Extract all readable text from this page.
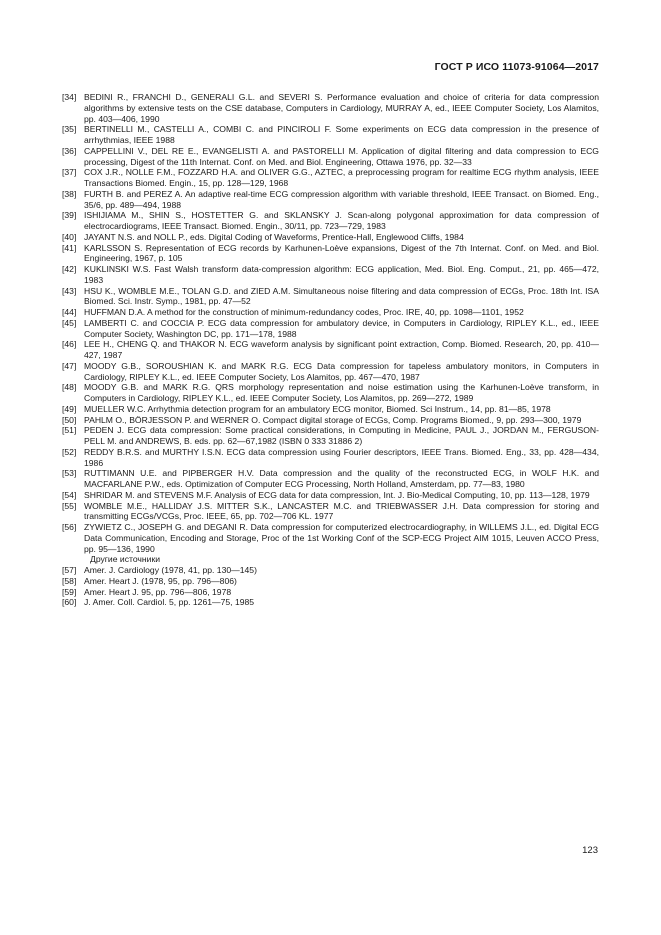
ГОСТ Р ИСО 11073-91064—2017
[34] BEDINI R., FRANCHI D., GENERALI G.L. and SEVERI S. Performance evaluation and choice of criteria for data compression algorithms by extensive tests on the CSE database, Computers in Cardiology, MURRAY A, ed., IEEE Computer Society, Los Alamitos, pp. 403—406, 1990
[35] BERTINELLI M., CASTELLI A., COMBI C. and PINCIROLI F. Some experiments on ECG data compression in the presence of arrhythmias, IEEE 1988
[36] CAPPELLINI V., DEL RE E., EVANGELISTI A. and PASTORELLI M. Application of digital filtering and data compression to ECG processing, Digest of the 11th Internat. Conf. on Med. and Biol. Engineering, Ottawa 1976, pp. 32—33
[37] COX J.R., NOLLE F.M., FOZZARD H.A. and OLIVER G.G., AZTEC, a preprocessing program for realtime ECG rhythm analysis, IEEE Transactions Biomed. Engin., 15, pp. 128—129, 1968
[38] FURTH B. and PEREZ A. An adaptive real-time ECG compression algorithm with variable threshold, IEEE Transact. on Biomed. Eng., 35/6, pp. 489—494, 1988
[39] ISHIJIAMA M., SHIN S., HOSTETTER G. and SKLANSKY J. Scan-along polygonal approximation for data compression of electrocardiograms, IEEE Transact. Biomed. Engin., 30/11, pp. 723—729, 1983
[40] JAYANT N.S. and NOLL P., eds. Digital Coding of Waveforms, Prentice-Hall, Englewood Cliffs, 1984
[41] KARLSSON S. Representation of ECG records by Karhunen-Loève expansions, Digest of the 7th Internat. Conf. on Med. and Biol. Engineering, 1967, p. 105
[42] KUKLINSKI W.S. Fast Walsh transform data-compression algorithm: ECG application, Med. Biol. Eng. Comput., 21, pp. 465—472, 1983
[43] HSU K., WOMBLE M.E., TOLAN G.D. and ZIED A.M. Simultaneous noise filtering and data compression of ECGs, Proc. 18th Int. ISA Biomed. Sci. Instr. Symp., 1981, pp. 47—52
[44] HUFFMAN D.A. A method for the construction of minimum-redundancy codes, Proc. IRE, 40, pp. 1098—1101, 1952
[45] LAMBERTI C. and COCCIA P. ECG data compression for ambulatory device, in Computers in Cardiology, RIPLEY K.L., ed., IEEE Computer Society, Washington DC, pp. 171—178, 1988
[46] LEE H., CHENG Q. and THAKOR N. ECG waveform analysis by significant point extraction, Comp. Biomed. Research, 20, pp. 410—427, 1987
[47] MOODY G.B., SOROUSHIAN K. and MARK R.G. ECG Data compression for tapeless ambulatory monitors, in Computers in Cardiology, RIPLEY K.L., ed. IEEE Computer Society, Los Alamitos, pp. 467—470, 1987
[48] MOODY G.B. and MARK R.G. QRS morphology representation and noise estimation using the Karhunen-Loève transform, in Computers in Cardiology, RIPLEY K.L., ed. IEEE Computer Society, Los Alamitos, pp. 269—272, 1989
[49] MUELLER W.C. Arrhythmia detection program for an ambulatory ECG monitor, Biomed. Sci Instrum., 14, pp. 81—85, 1978
[50] PAHLM O., BÖRJESSON P. and WERNER O. Compact digital storage of ECGs, Comp. Programs Biomed., 9, pp. 293—300, 1979
[51] PEDEN J. ECG data compression: Some practical considerations, in Computing in Medicine, PAUL J., JORDAN M., FERGUSON-PELL M. and ANDREWS, B. eds. pp. 62—67,1982 (ISBN 0 333 31886 2)
[52] REDDY B.R.S. and MURTHY I.S.N. ECG data compression using Fourier descriptors, IEEE Trans. Biomed. Eng., 33, pp. 428—434, 1986
[53] RUTTIMANN U.E. and PIPBERGER H.V. Data compression and the quality of the reconstructed ECG, in WOLF H.K. and MACFARLANE P.W., eds. Optimization of Computer ECG Processing, North Holland, Amsterdam, pp. 77—83, 1980
[54] SHRIDAR M. and STEVENS M.F. Analysis of ECG data for data compression, Int. J. Bio-Medical Computing, 10, pp. 113—128, 1979
[55] WOMBLE M.E., HALLIDAY J.S. MITTER S.K., LANCASTER M.C. and TRIEBWASSER J.H. Data compression for storing and transmitting ECGs/VCGs, Proc. IEEE, 65, pp. 702—706 KL. 1977
[56] ZYWIETZ C., JOSEPH G. and DEGANI R. Data compression for computerized electrocardiography, in WILLEMS J.L., ed. Digital ECG Data Communication, Encoding and Storage, Proc of the 1st Working Conf of the SCP-ECG Project AIM 1015, Leuven ACCO Press, pp. 95—136, 1990
Другие источники
[57] Amer. J. Cardiology (1978, 41, pp. 130—145)
[58] Amer. Heart J. (1978, 95, pp. 796—806)
[59] Amer. Heart J. 95, pp. 796—806, 1978
[60] J. Amer. Coll. Cardiol. 5, pp. 1261—75, 1985
123
